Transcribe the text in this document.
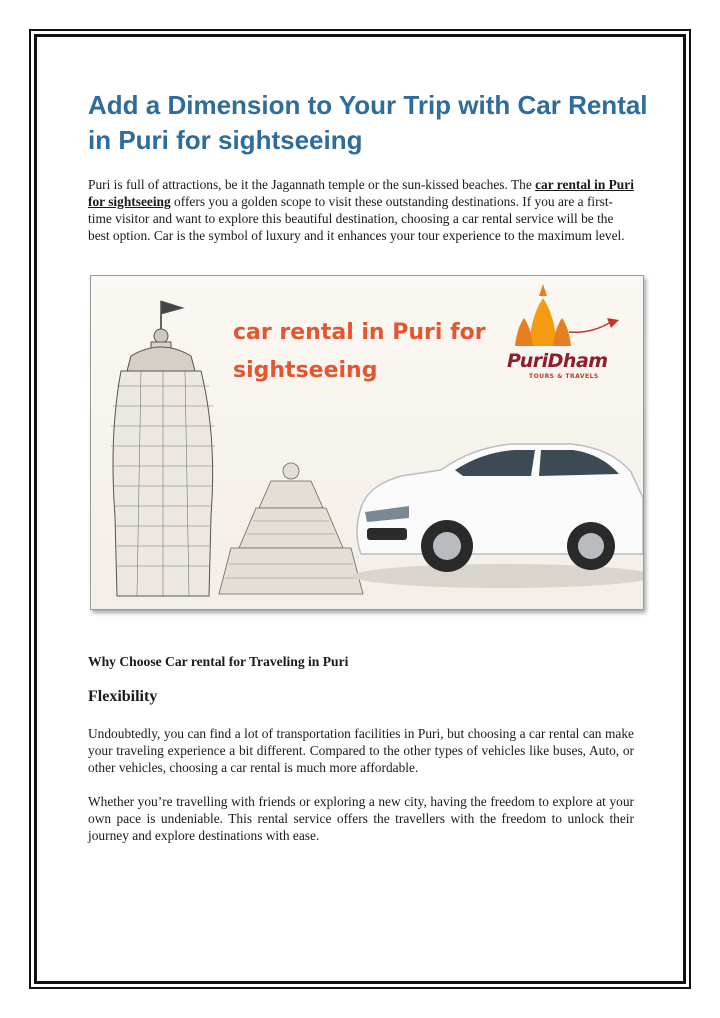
Add a Dimension to Your Trip with Car Rental in Puri for sightseeing

Puri is full of attractions, be it the Jagannath temple or the sun-kissed beaches. The car rental in Puri for sightseeing offers you a golden scope to visit these outstanding destinations. If you are a first-time visitor and want to explore this beautiful destination, choosing a car rental service will be the best option. Car is the symbol of luxury and it enhances your tour experience to the maximum level.

car rental in Puri for sightseeing	PuriDham
TOURS & TRAVELS
Why Choose Car rental for Traveling in Puri
Flexibility

Undoubtedly, you can find a lot of transportation facilities in Puri, but choosing a car rental can make your traveling experience a bit different. Compared to the other types of vehicles like buses, Auto, or other vehicles, choosing a car rental is much more affordable.

Whether you’re travelling with friends or exploring a new city, having the freedom to explore at your own pace is undeniable. This rental service offers the travellers with the freedom to unlock their journey and explore destinations with ease.
